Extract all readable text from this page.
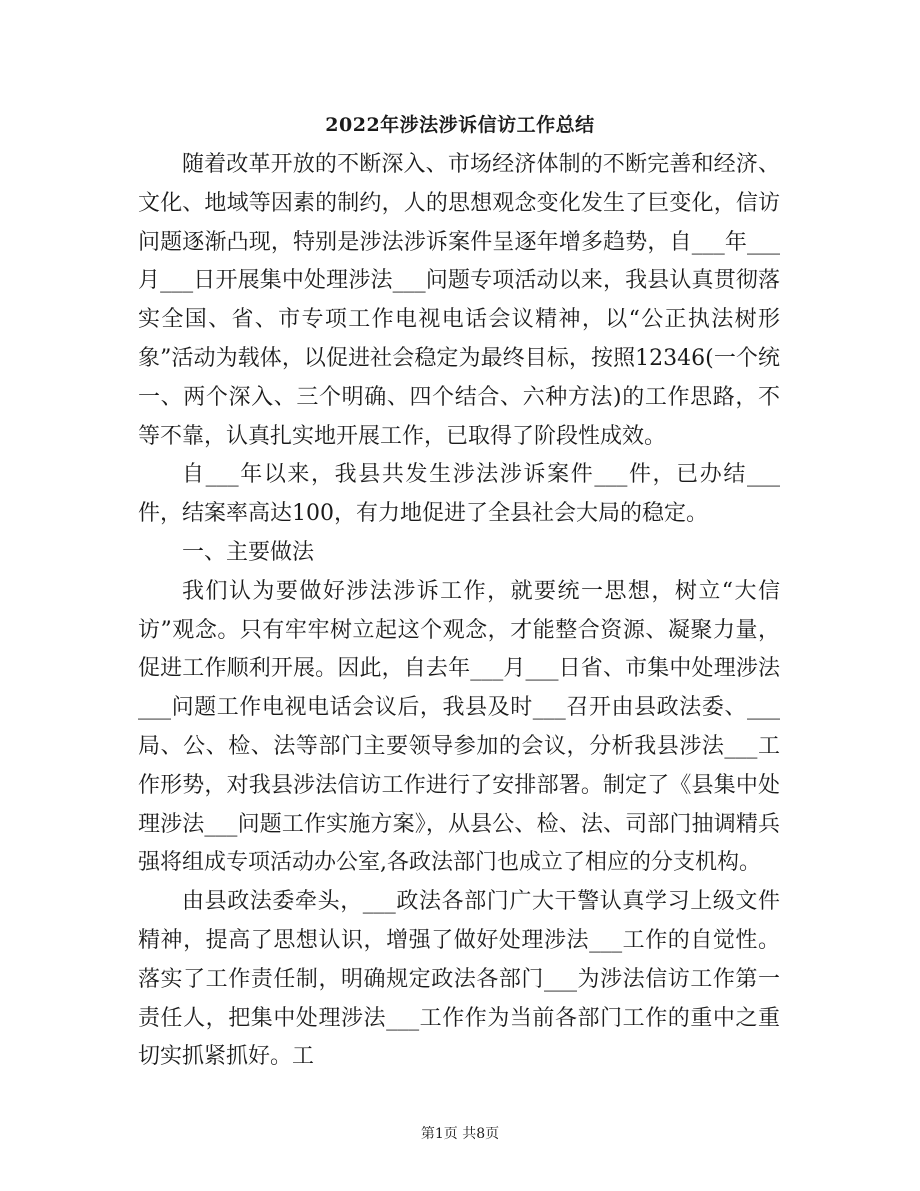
2022年涉法涉诉信访工作总结

随着改革开放的不断深入、市场经济体制的不断完善和经济、文化、地域等因素的制约，人的思想观念变化发生了巨变化，信访问题逐渐凸现，特别是涉法涉诉案件呈逐年增多趋势，自___年___月___日开展集中处理涉法___问题专项活动以来，我县认真贯彻落实全国、省、市专项工作电视电话会议精神，以“公正执法树形象”活动为载体，以促进社会稳定为最终目标，按照12346(一个统一、两个深入、三个明确、四个结合、六种方法)的工作思路，不等不靠，认真扎实地开展工作，已取得了阶段性成效。

自___年以来，我县共发生涉法涉诉案件___件，已办结___件，结案率高达100，有力地促进了全县社会大局的稳定。

一、主要做法

我们认为要做好涉法涉诉工作，就要统一思想，树立“大信访”观念。只有牢牢树立起这个观念，才能整合资源、凝聚力量，促进工作顺利开展。因此，自去年___月___日省、市集中处理涉法___问题工作电视电话会议后，我县及时___召开由县政法委、___局、公、检、法等部门主要领导参加的会议，分析我县涉法___工作形势，对我县涉法信访工作进行了安排部署。制定了《县集中处理涉法___问题工作实施方案》，从县公、检、法、司部门抽调精兵强将组成专项活动办公室,各政法部门也成立了相应的分支机构。

由县政法委牵头，___政法各部门广大干警认真学习上级文件精神，提高了思想认识，增强了做好处理涉法___工作的自觉性。落实了工作责任制，明确规定政法各部门___为涉法信访工作第一责任人，把集中处理涉法___工作作为当前各部门工作的重中之重切实抓紧抓好。工

第1页 共8页
